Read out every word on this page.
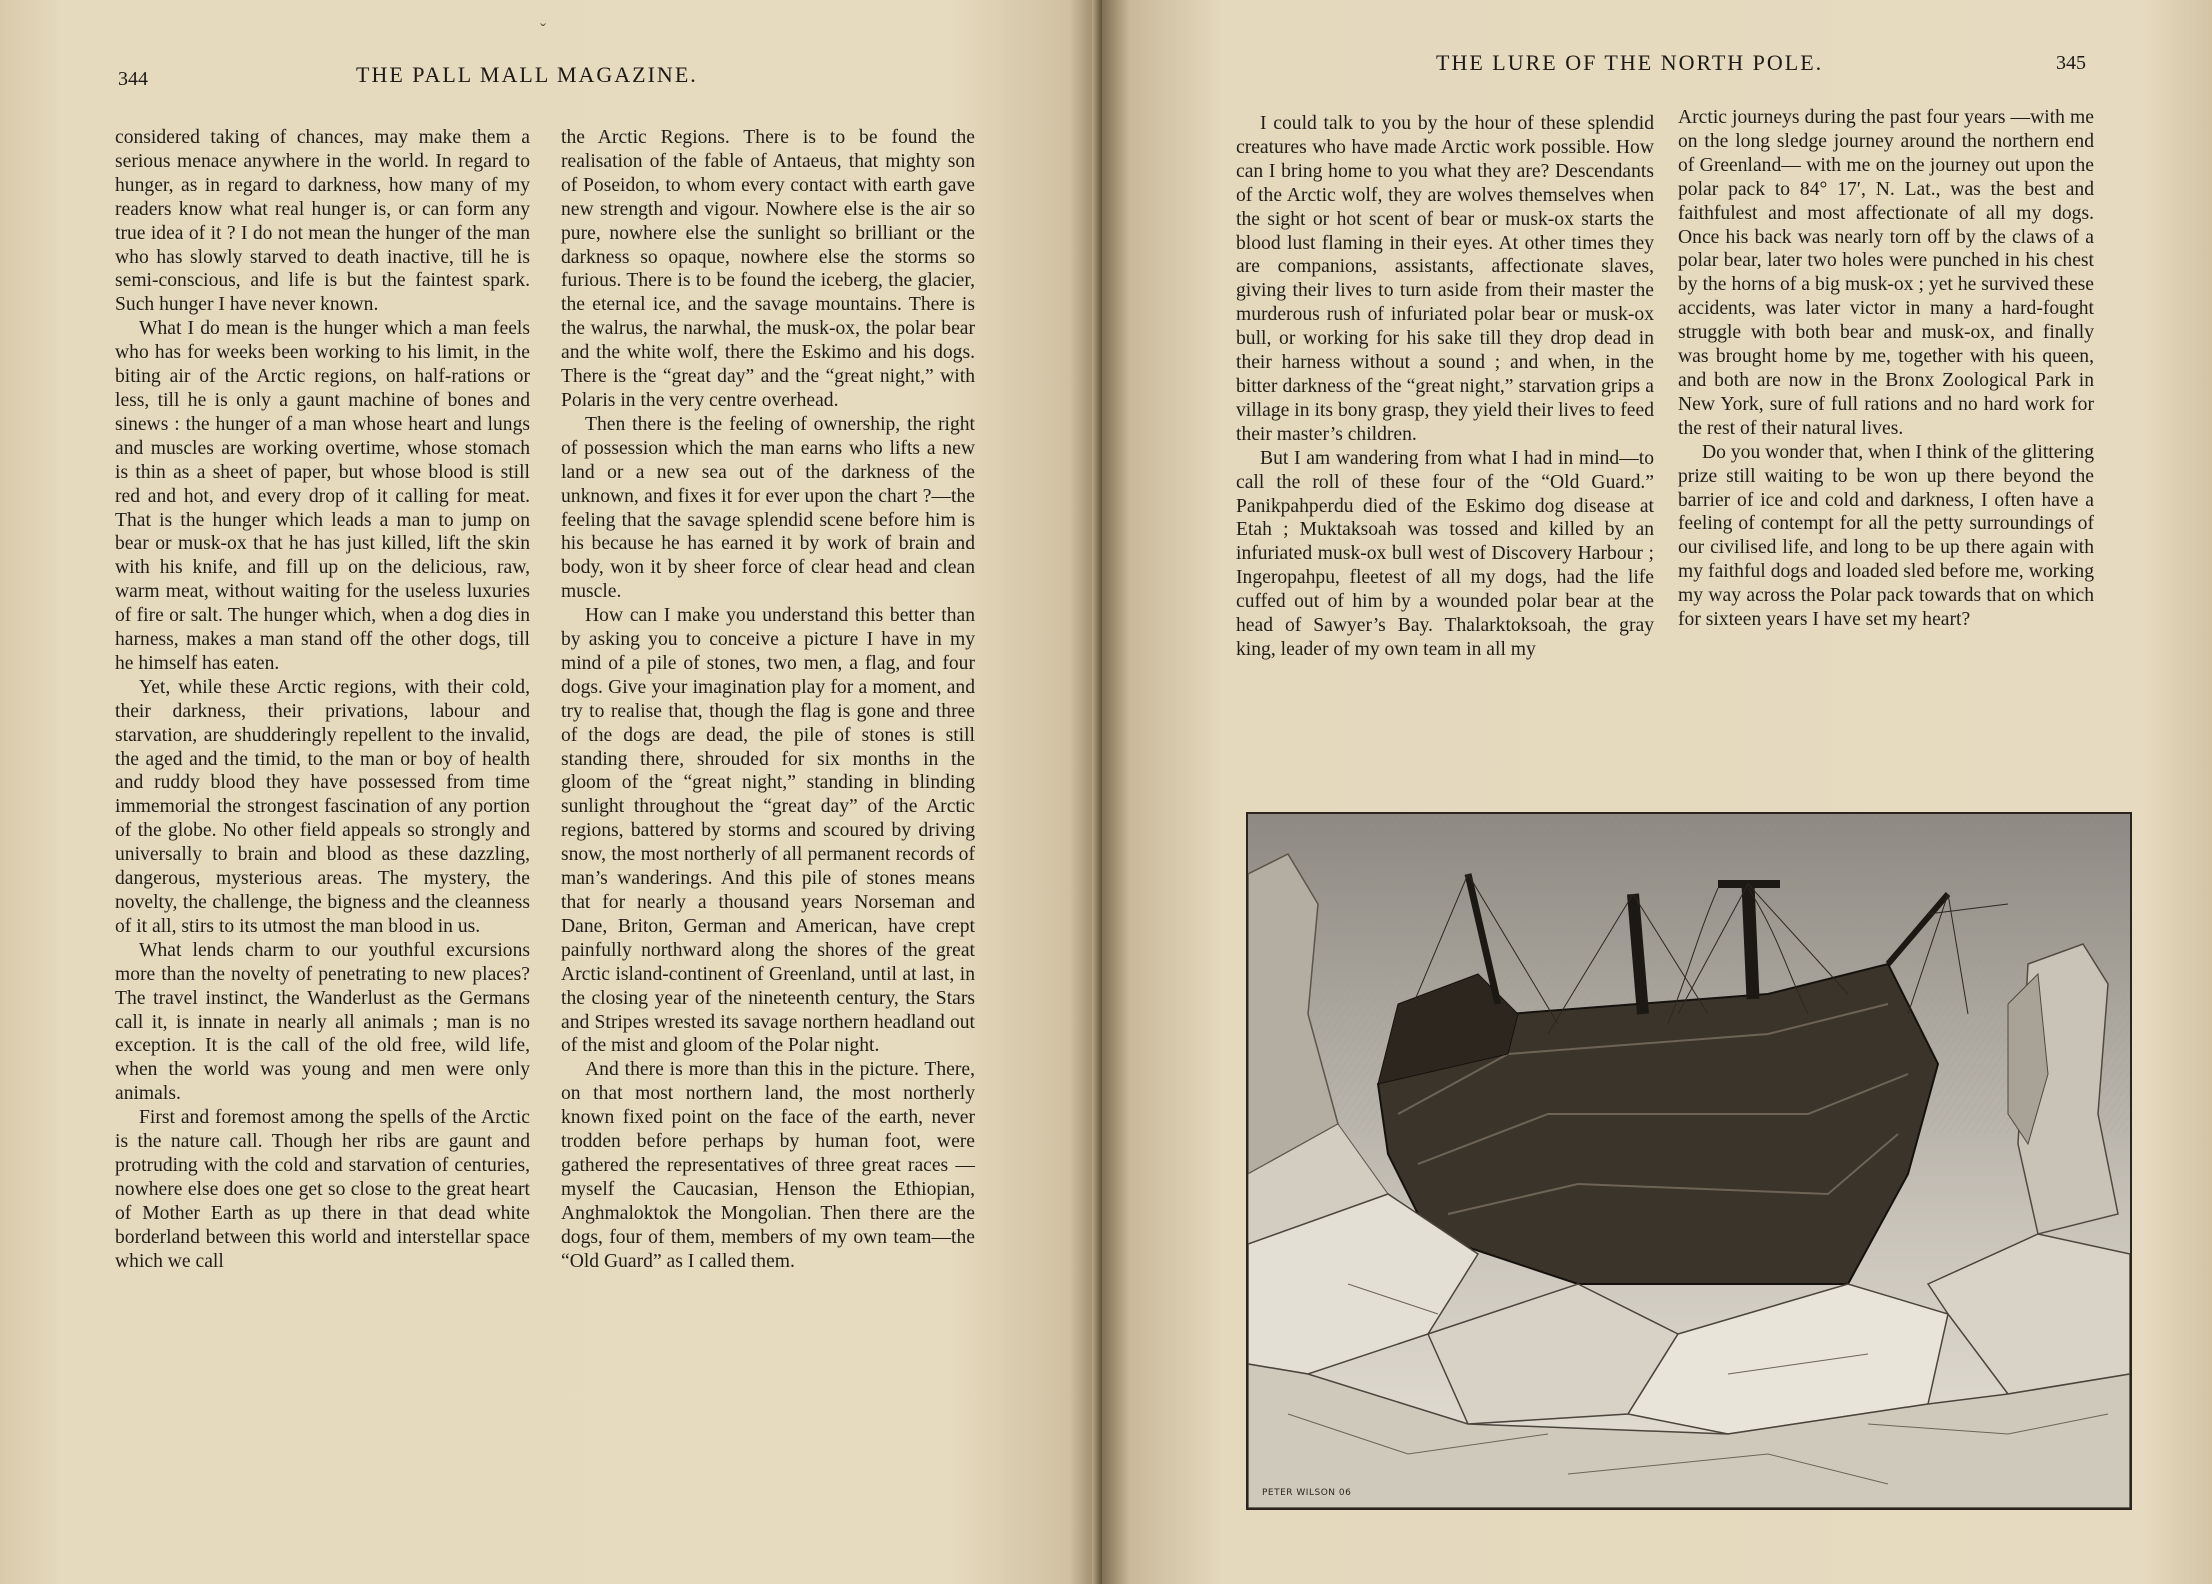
344	THE PALL MALL MAGAZINE.

considered taking of chances, may make them a serious menace anywhere in the world. In regard to hunger, as in regard to darkness, how many of my readers know what real hunger is, or can form any true idea of it ? I do not mean the hunger of the man who has slowly starved to death inactive, till he is semi-conscious, and life is but the faintest spark. Such hunger I have never known.

What I do mean is the hunger which a man feels who has for weeks been working to his limit, in the biting air of the Arctic regions, on half-rations or less, till he is only a gaunt machine of bones and sinews : the hunger of a man whose heart and lungs and muscles are working overtime, whose stomach is thin as a sheet of paper, but whose blood is still red and hot, and every drop of it calling for meat. That is the hunger which leads a man to jump on bear or musk-ox that he has just killed, lift the skin with his knife, and fill up on the delicious, raw, warm meat, without waiting for the useless luxuries of fire or salt. The hunger which, when a dog dies in harness, makes a man stand off the other dogs, till he himself has eaten.

Yet, while these Arctic regions, with their cold, their darkness, their privations, labour and starvation, are shudderingly repellent to the invalid, the aged and the timid, to the man or boy of health and ruddy blood they have possessed from time immemorial the strongest fascination of any portion of the globe. No other field appeals so strongly and universally to brain and blood as these dazzling, dangerous, mysterious areas. The mystery, the novelty, the challenge, the bigness and the cleanness of it all, stirs to its utmost the man blood in us.

What lends charm to our youthful excursions more than the novelty of penetrating to new places? The travel instinct, the Wanderlust as the Germans call it, is innate in nearly all animals ; man is no exception. It is the call of the old free, wild life, when the world was young and men were only animals.

First and foremost among the spells of the Arctic is the nature call. Though her ribs are gaunt and protruding with the cold and starvation of centuries, nowhere else does one get so close to the great heart of Mother Earth as up there in that dead white borderland between this world and interstellar space which we call

the Arctic Regions. There is to be found the realisation of the fable of Antaeus, that mighty son of Poseidon, to whom every contact with earth gave new strength and vigour. Nowhere else is the air so pure, nowhere else the sunlight so brilliant or the darkness so opaque, nowhere else the storms so furious. There is to be found the iceberg, the glacier, the eternal ice, and the savage mountains. There is the walrus, the narwhal, the musk-ox, the polar bear and the white wolf, there the Eskimo and his dogs. There is the “great day” and the “great night,” with Polaris in the very centre overhead.

Then there is the feeling of ownership, the right of possession which the man earns who lifts a new land or a new sea out of the darkness of the unknown, and fixes it for ever upon the chart ?—the feeling that the savage splendid scene before him is his because he has earned it by work of brain and body, won it by sheer force of clear head and clean muscle.

How can I make you understand this better than by asking you to conceive a picture I have in my mind of a pile of stones, two men, a flag, and four dogs. Give your imagination play for a moment, and try to realise that, though the flag is gone and three of the dogs are dead, the pile of stones is still standing there, shrouded for six months in the gloom of the “great night,” standing in blinding sunlight throughout the “great day” of the Arctic regions, battered by storms and scoured by driving snow, the most northerly of all permanent records of man’s wanderings. And this pile of stones means that for nearly a thousand years Norseman and Dane, Briton, German and American, have crept painfully northward along the shores of the great Arctic island-continent of Greenland, until at last, in the closing year of the nineteenth century, the Stars and Stripes wrested its savage northern headland out of the mist and gloom of the Polar night.

And there is more than this in the picture. There, on that most northern land, the most northerly known fixed point on the face of the earth, never trodden before perhaps by human foot, were gathered the representatives of three great races — myself the Caucasian, Henson the Ethiopian, Anghmaloktok the Mongolian. Then there are the dogs, four of them, members of my own team—the “Old Guard” as I called them.

ˇ
THE LURE OF THE NORTH POLE.	345

I could talk to you by the hour of these splendid creatures who have made Arctic work possible. How can I bring home to you what they are? Descendants of the Arctic wolf, they are wolves themselves when the sight or hot scent of bear or musk-ox starts the blood lust flaming in their eyes. At other times they are companions, assistants, affectionate slaves, giving their lives to turn aside from their master the murderous rush of infuriated polar bear or musk-ox bull, or working for his sake till they drop dead in their harness without a sound ; and when, in the bitter darkness of the “great night,” starvation grips a village in its bony grasp, they yield their lives to feed their master’s children.

But I am wandering from what I had in mind—to call the roll of these four of the “Old Guard.” Panikpahperdu died of the Eskimo dog disease at Etah ; Muktaksoah was tossed and killed by an infuriated musk-ox bull west of Discovery Harbour ; Ingeropahpu, fleetest of all my dogs, had the life cuffed out of him by a wounded polar bear at the head of Sawyer’s Bay. Thalarktoksoah, the gray king, leader of my own team in all my

Arctic journeys during the past four years —with me on the long sledge journey around the northern end of Greenland— with me on the journey out upon the polar pack to 84° 17′, N. Lat., was the best and faithfulest and most affectionate of all my dogs. Once his back was nearly torn off by the claws of a polar bear, later two holes were punched in his chest by the horns of a big musk-ox ; yet he survived these accidents, was later victor in many a hard-fought struggle with both bear and musk-ox, and finally was brought home by me, together with his queen, and both are now in the Bronx Zoological Park in New York, sure of full rations and no hard work for the rest of their natural lives.

Do you wonder that, when I think of the glittering prize still waiting to be won up there beyond the barrier of ice and cold and darkness, I often have a feeling of contempt for all the petty surroundings of our civilised life, and long to be up there again with my faithful dogs and loaded sled before me, working my way across the Polar pack towards that on which for sixteen years I have set my heart?

PETER WILSON 06
